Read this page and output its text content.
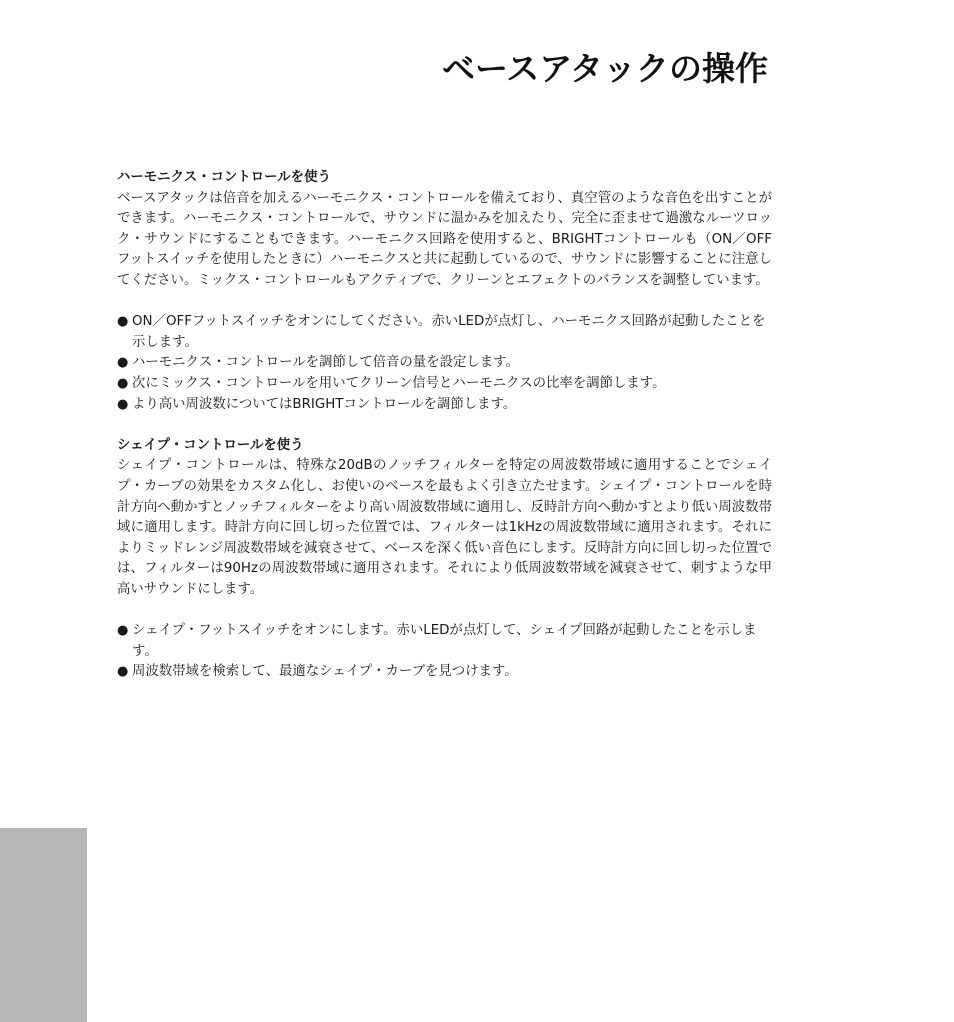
ベースアタックの操作
ハーモニクス・コントロールを使う

ベースアタックは倍音を加えるハーモニクス・コントロールを備えており、真空管のような音色を出すことができます。ハーモニクス・コントロールで、サウンドに温かみを加えたり、完全に歪ませて過激なルーツロック・サウンドにすることもできます。ハーモニクス回路を使用すると、BRIGHTコントロールも（ON／OFFフットスイッチを使用したときに）ハーモニクスと共に起動しているので、サウンドに影響することに注意してください。ミックス・コントロールもアクティブで、クリーンとエフェクトのバランスを調整しています。

● ON／OFFフットスイッチをオンにしてください。赤いLEDが点灯し、ハーモニクス回路が起動したことを示します。
● ハーモニクス・コントロールを調節して倍音の量を設定します。
● 次にミックス・コントロールを用いてクリーン信号とハーモニクスの比率を調節します。
● より高い周波数についてはBRIGHTコントロールを調節します。
シェイプ・コントロールを使う

シェイプ・コントロールは、特殊な20dBのノッチフィルターを特定の周波数帯域に適用することでシェイプ・カーブの効果をカスタム化し、お使いのベースを最もよく引き立たせます。シェイプ・コントロールを時計方向へ動かすとノッチフィルターをより高い周波数帯域に適用し、反時計方向へ動かすとより低い周波数帯域に適用します。時計方向に回し切った位置では、フィルターは1kHzの周波数帯域に適用されます。それによりミッドレンジ周波数帯域を減衰させて、ベースを深く低い音色にします。反時計方向に回し切った位置では、フィルターは90Hzの周波数帯域に適用されます。それにより低周波数帯域を減衰させて、刺すような甲高いサウンドにします。

● シェイプ・フットスイッチをオンにします。赤いLEDが点灯して、シェイプ回路が起動したことを示します。
● 周波数帯域を検索して、最適なシェイプ・カーブを見つけます。
